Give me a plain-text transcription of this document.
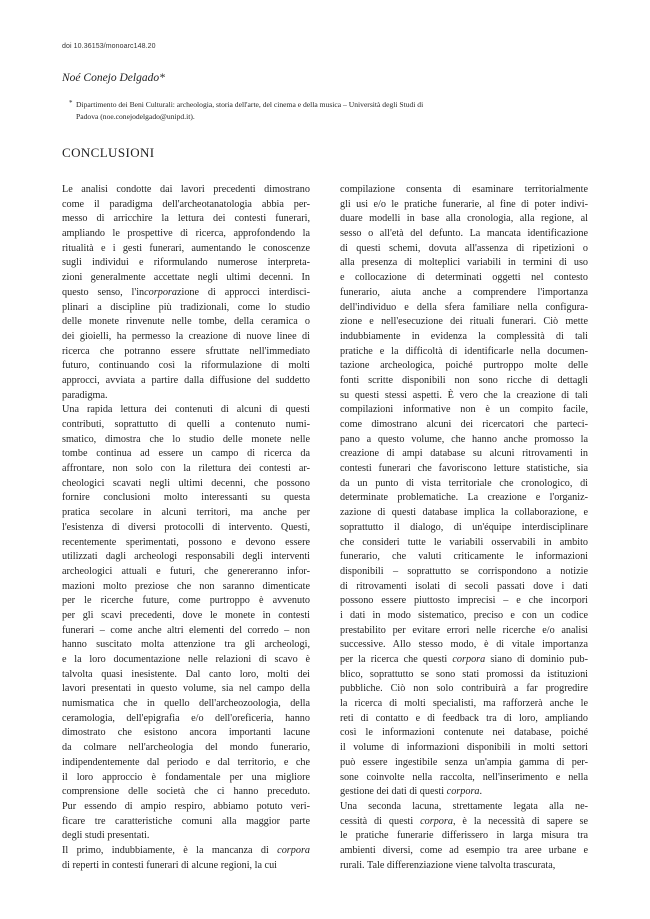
doi 10.36153/monoarc148.20
Noé Conejo Delgado*
* Dipartimento dei Beni Culturali: archeologia, storia dell'arte, del cinema e della musica – Università degli Studi di
Padova (noe.conejodelgado@unipd.it).
CONCLUSIONI

Le analisi condotte dai lavori precedenti dimostrano
come il paradigma dell'archeotanatologia abbia per-
messo di arricchire la lettura dei contesti funerari,
ampliando le prospettive di ricerca, approfondendo la
ritualità e i gesti funerari, aumentando le conoscenze
sugli individui e riformulando numerose interpreta-
zioni generalmente accettate negli ultimi decenni. In
questo senso, l'incorporazione di approcci interdisci-
plinari a discipline più tradizionali, come lo studio
delle monete rinvenute nelle tombe, della ceramica o
dei gioielli, ha permesso la creazione di nuove linee di
ricerca che potranno essere sfruttate nell'immediato
futuro, continuando così la riformulazione di molti
approcci, avviata a partire dalla diffusione del suddetto
paradigma.

Una rapida lettura dei contenuti di alcuni di questi
contributi, soprattutto di quelli a contenuto numi-
smatico, dimostra che lo studio delle monete nelle
tombe continua ad essere un campo di ricerca da
affrontare, non solo con la rilettura dei contesti ar-
cheologici scavati negli ultimi decenni, che possono
fornire conclusioni molto interessanti su questa
pratica secolare in alcuni territori, ma anche per
l'esistenza di diversi protocolli di intervento. Questi,
recentemente sperimentati, possono e devono essere
utilizzati dagli archeologi responsabili degli interventi
archeologici attuali e futuri, che genereranno infor-
mazioni molto preziose che non saranno dimenticate
per le ricerche future, come purtroppo è avvenuto
per gli scavi precedenti, dove le monete in contesti
funerari – come anche altri elementi del corredo – non
hanno suscitato molta attenzione tra gli archeologi,
e la loro documentazione nelle relazioni di scavo è
talvolta quasi inesistente. Dal canto loro, molti dei
lavori presentati in questo volume, sia nel campo della
numismatica che in quello dell'archeozoologia, della
ceramologia, dell'epigrafia e/o dell'oreficeria, hanno
dimostrato che esistono ancora importanti lacune
da colmare nell'archeologia del mondo funerario,
indipendentemente dal periodo e dal territorio, e che
il loro approccio è fondamentale per una migliore
comprensione delle società che ci hanno preceduto.
Pur essendo di ampio respiro, abbiamo potuto veri-
ficare tre caratteristiche comuni alla maggior parte
degli studi presentati.

Il primo, indubbiamente, è la mancanza di corpora
di reperti in contesti funerari di alcune regioni, la cui

compilazione consenta di esaminare territorialmente
gli usi e/o le pratiche funerarie, al fine di poter indivi-
duare modelli in base alla cronologia, alla regione, al
sesso o all'età del defunto. La mancata identificazione
di questi schemi, dovuta all'assenza di ripetizioni o
alla presenza di molteplici variabili in termini di uso
e collocazione di determinati oggetti nel contesto
funerario, aiuta anche a comprendere l'importanza
dell'individuo e della sfera familiare nella configura-
zione e nell'esecuzione dei rituali funerari. Ciò mette
indubbiamente in evidenza la complessità di tali
pratiche e la difficoltà di identificarle nella documen-
tazione archeologica, poiché purtroppo molte delle
fonti scritte disponibili non sono ricche di dettagli
su questi stessi aspetti. È vero che la creazione di tali
compilazioni informative non è un compito facile,
come dimostrano alcuni dei ricercatori che parteci-
pano a questo volume, che hanno anche promosso la
creazione di ampi database su alcuni ritrovamenti in
contesti funerari che favoriscono letture statistiche, sia
da un punto di vista territoriale che cronologico, di
determinate problematiche. La creazione e l'organiz-
zazione di questi database implica la collaborazione, e
soprattutto il dialogo, di un'équipe interdisciplinare
che consideri tutte le variabili osservabili in ambito
funerario, che valuti criticamente le informazioni
disponibili – soprattutto se corrispondono a notizie
di ritrovamenti isolati di secoli passati dove i dati
possono essere piuttosto imprecisi – e che incorpori
i dati in modo sistematico, preciso e con un codice
prestabilito per evitare errori nelle ricerche e/o analisi
successive. Allo stesso modo, è di vitale importanza
per la ricerca che questi corpora siano di dominio pub-
blico, soprattutto se sono stati promossi da istituzioni
pubbliche. Ciò non solo contribuirà a far progredire
la ricerca di molti specialisti, ma rafforzerà anche le
reti di contatto e di feedback tra di loro, ampliando
così le informazioni contenute nei database, poiché
il volume di informazioni disponibili in molti settori
può essere ingestibile senza un'ampia gamma di per-
sone coinvolte nella raccolta, nell'inserimento e nella
gestione dei dati di questi corpora.

Una seconda lacuna, strettamente legata alla ne-
cessità di questi corpora, è la necessità di sapere se
le pratiche funerarie differissero in larga misura tra
ambienti diversi, come ad esempio tra aree urbane e
rurali. Tale differenziazione viene talvolta trascurata,
